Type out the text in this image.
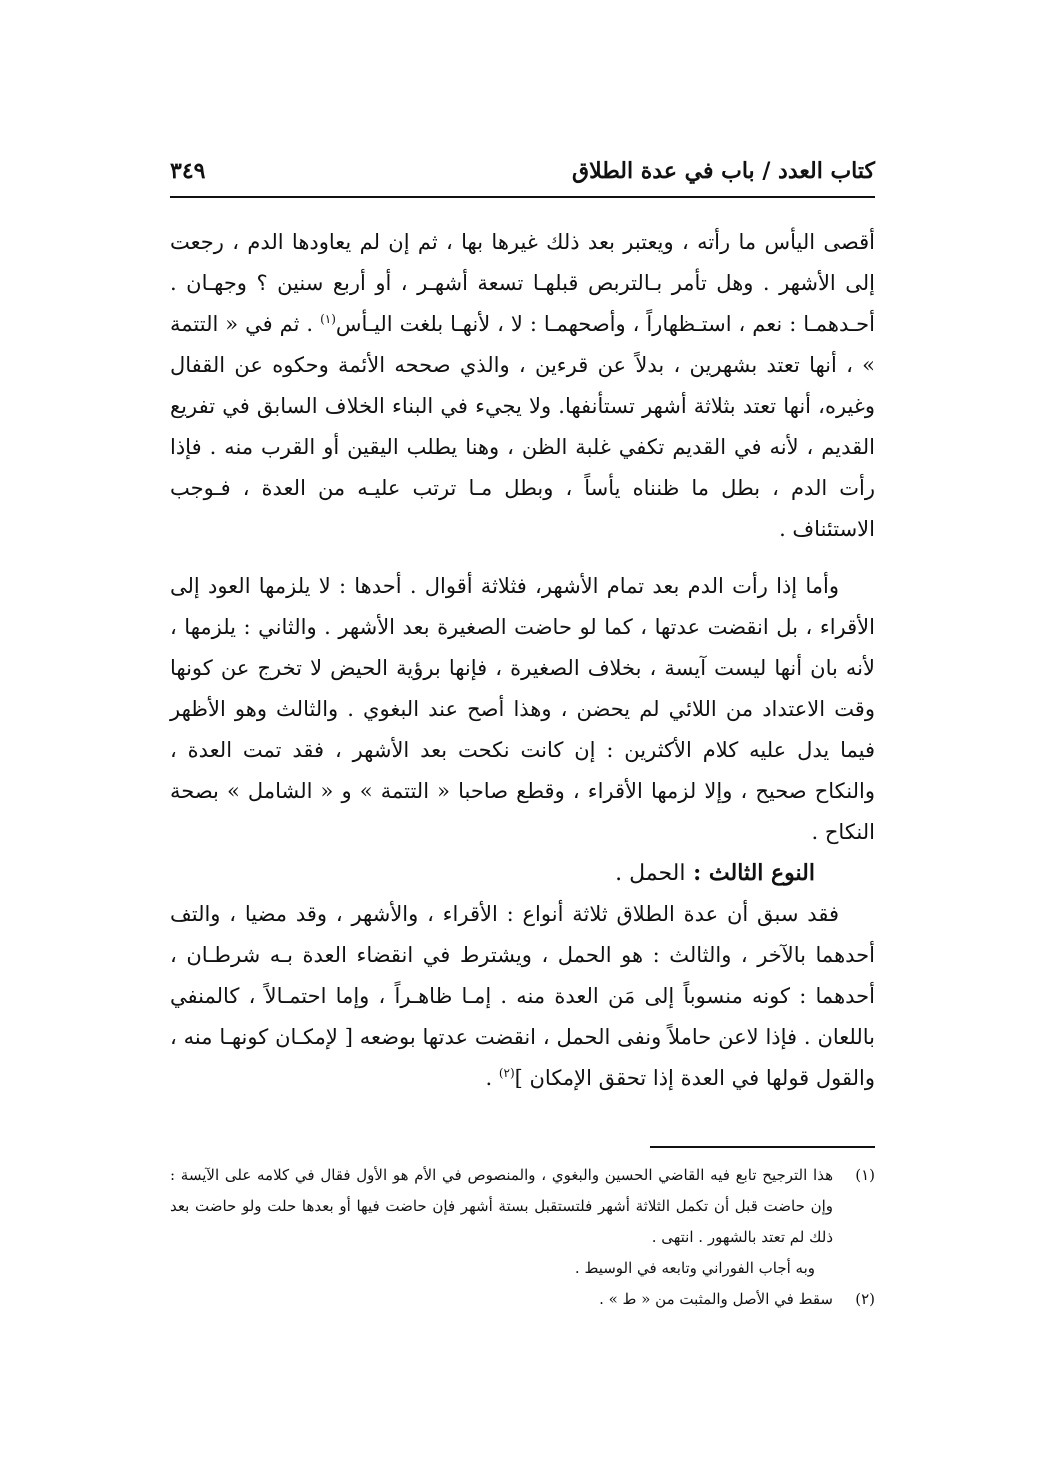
كتاب العدد / باب في عدة الطلاق
٣٤٩

أقصى اليأس ما رأته ، ويعتبر بعد ذلك غيرها بها ، ثم إن لم يعاودها الدم ، رجعت إلى الأشهر . وهل تأمر بـالتربص قبلهـا تسعة أشهـر ، أو أربع سنين ؟ وجهـان . أحـدهمـا : نعم ، استـظهاراً ، وأصحهمـا : لا ، لأنهـا بلغت اليـأس$^{(١)}$ . ثم في « التتمة » ، أنها تعتد بشهرين ، بدلاً عن قرءين ، والذي صححه الأئمة وحكوه عن القفال وغيره، أنها تعتد بثلاثة أشهر تستأنفها. ولا يجيء في البناء الخلاف السابق في تفريع القديم ، لأنه في القديم تكفي غلبة الظن ، وهنا يطلب اليقين أو القرب منه . فإذا رأت الدم ، بطل ما ظنناه يأساً ، وبطل مـا ترتب عليـه من العدة ، فـوجب الاستئناف .

وأما إذا رأت الدم بعد تمام الأشهر، فثلاثة أقوال . أحدها : لا يلزمها العود إلى الأقراء ، بل انقضت عدتها ، كما لو حاضت الصغيرة بعد الأشهر . والثاني : يلزمها ، لأنه بان أنها ليست آيسة ، بخلاف الصغيرة ، فإنها برؤية الحيض لا تخرج عن كونها وقت الاعتداد من اللائي لم يحضن ، وهذا أصح عند البغوي . والثالث وهو الأظهر فيما يدل عليه كلام الأكثرين : إن كانت نكحت بعد الأشهر ، فقد تمت العدة ، والنكاح صحيح ، وإلا لزمها الأقراء ، وقطع صاحبا « التتمة » و « الشامل » بصحة النكاح .

النوع الثالث : الحمل .

فقد سبق أن عدة الطلاق ثلاثة أنواع : الأقراء ، والأشهر ، وقد مضيا ، والتف أحدهما بالآخر ، والثالث : هو الحمل ، ويشترط في انقضاء العدة بـه شرطـان ، أحدهما : كونه منسوباً إلى مَن العدة منه . إمـا ظاهـراً ، وإما احتمـالاً ، كالمنفي باللعان . فإذا لاعن حاملاً ونفى الحمل ، انقضت عدتها بوضعه [ لإمكـان كونهـا منه ، والقول قولها في العدة إذا تحقق الإمكان ]$^{(٢)}$ .

(١)
هذا الترجيح تابع فيه القاضي الحسين والبغوي ، والمنصوص في الأم هو الأول فقال في كلامه على الآيسة : وإن حاضت قبل أن تكمل الثلاثة أشهر فلتستقبل بستة أشهر فإن حاضت فيها أو بعدها حلت ولو حاضت بعد ذلك لم تعتد بالشهور . انتهى .
وبه أجاب الفوراني وتابعه في الوسيط .
(٢)
سقط في الأصل والمثبت من « ط » .
